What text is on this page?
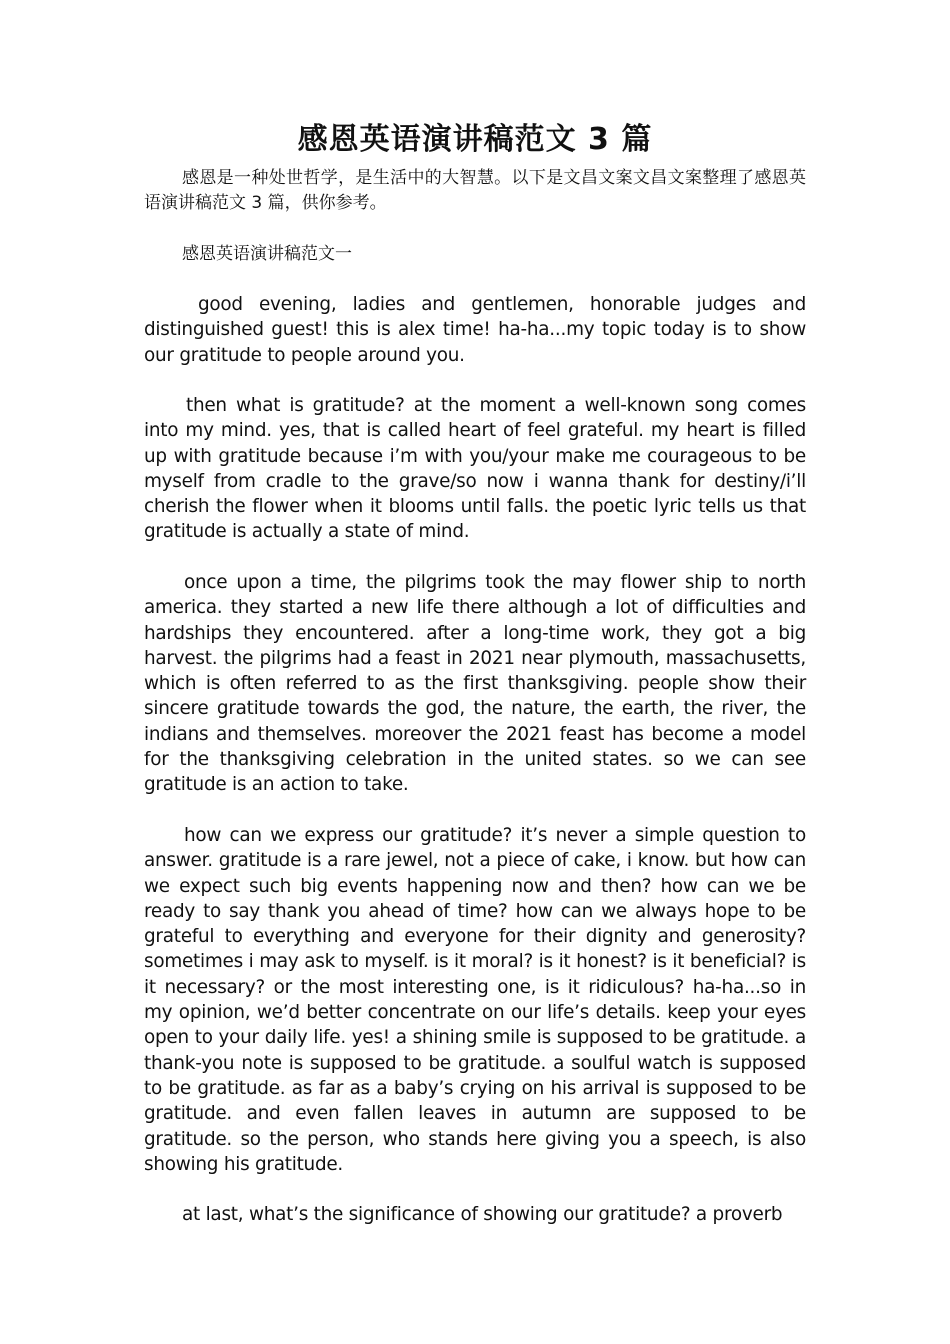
感恩英语演讲稿范文 3 篇
感恩是一种处世哲学，是生活中的大智慧。以下是文昌文案文昌文案整理了感恩英语演讲稿范文 3 篇，供你参考。
感恩英语演讲稿范文一
good evening, ladies and gentlemen, honorable judges and distinguished guest! this is alex time! ha-ha...my topic today is to show our gratitude to people around you.
then what is gratitude? at the moment a well-known song comes into my mind. yes, that is called heart of feel grateful. my heart is filled up with gratitude because i’m with you/your make me courageous to be myself from cradle to the grave/so now i wanna thank for destiny/i’ll cherish the flower when it blooms until falls. the poetic lyric tells us that gratitude is actually a state of mind.
once upon a time, the pilgrims took the may flower ship to north america. they started a new life there although a lot of difficulties and hardships they encountered. after a long-time work, they got a big harvest. the pilgrims had a feast in 2021 near plymouth, massachusetts, which is often referred to as the first thanksgiving. people show their sincere gratitude towards the god, the nature, the earth, the river, the indians and themselves. moreover the 2021 feast has become a model for the thanksgiving celebration in the united states. so we can see gratitude is an action to take.
how can we express our gratitude? it’s never a simple question to answer. gratitude is a rare jewel, not a piece of cake, i know. but how can we expect such big events happening now and then? how can we be ready to say thank you ahead of time? how can we always hope to be grateful to everything and everyone for their dignity and generosity? sometimes i may ask to myself. is it moral? is it honest? is it beneficial? is it necessary? or the most interesting one, is it ridiculous? ha-ha...so in my opinion, we’d better concentrate on our life’s details. keep your eyes open to your daily life. yes! a shining smile is supposed to be gratitude. a thank-you note is supposed to be gratitude. a soulful watch is supposed to be gratitude. as far as a baby’s crying on his arrival is supposed to be gratitude. and even fallen leaves in autumn are supposed to be gratitude. so the person, who stands here giving you a speech, is also showing his gratitude.
at last, what’s the significance of showing our gratitude? a proverb
